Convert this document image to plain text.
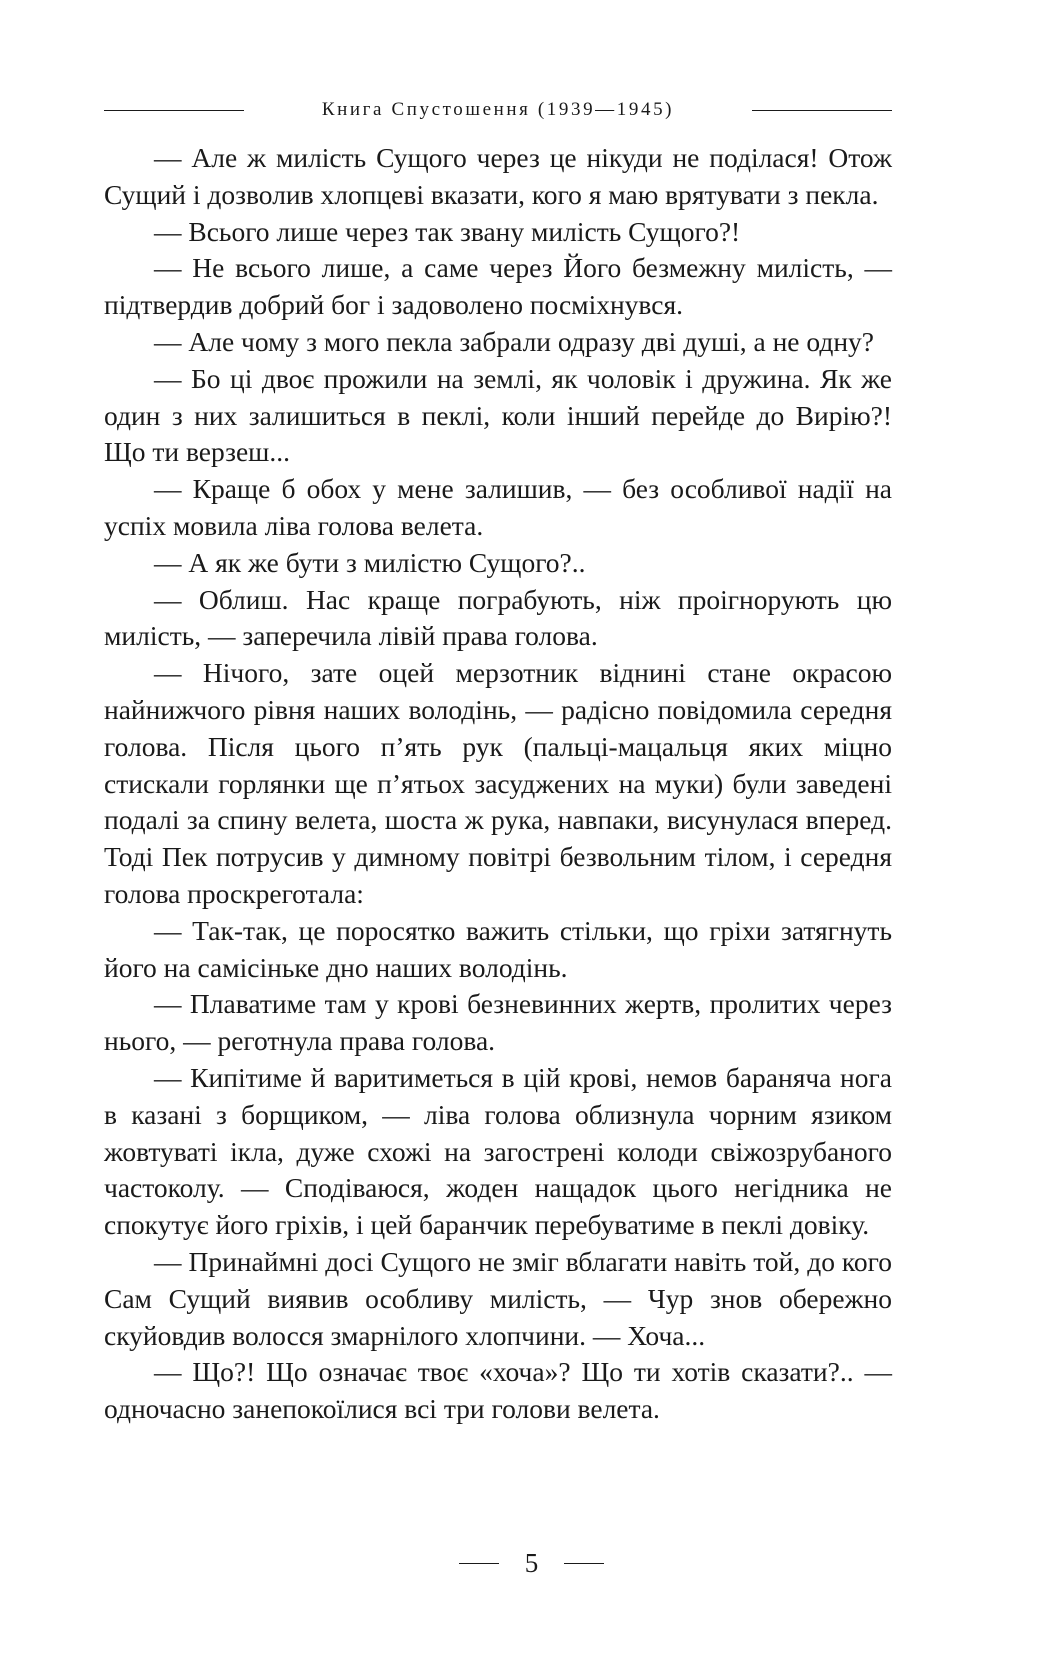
Книга Спустошення (1939—1945)

— Але ж милість Сущого через це нікуди не поділася! Отож Сущий і дозволив хлопцеві вказати, кого я маю врятувати з пекла.

— Всього лише через так звану милість Сущого?!

— Не всього лише, а саме через Його безмежну милість, — підтвердив добрий бог і задоволено посміхнувся.

— Але чому з мого пекла забрали одразу дві душі, а не одну?

— Бо ці двоє прожили на землі, як чоловік і дружина. Як же один з них залишиться в пеклі, коли інший перейде до Вирію?! Що ти верзеш...

— Краще б обох у мене залишив, — без особливої надії на успіх мовила ліва голова велета.

— А як же бути з милістю Сущого?..

— Облиш. Нас краще пограбують, ніж проігнорують цю милість, — заперечила лівій права голова.

— Нічого, зате оцей мерзотник віднині стане окрасою найнижчого рівня наших володінь, — радісно повідомила середня голова. Після цього п’ять рук (пальці-мацальця яких міцно стискали горлянки ще п’ятьох засуджених на муки) були заведені подалі за спину велета, шоста ж рука, навпаки, висунулася вперед. Тоді Пек потрусив у димному повітрі безвольним тілом, і середня голова проскреготала:

— Так-так, це поросятко важить стільки, що гріхи затягнуть його на самісіньке дно наших володінь.

— Плаватиме там у крові безневинних жертв, пролитих через нього, — реготнула права голова.

— Кипітиме й варитиметься в цій крові, немов баранячa нога в казані з борщиком, — ліва голова облизнула чорним язиком жовтуваті ікла, дуже схожі на загострені колоди свіжозрубаного частоколу. — Сподіваюся, жоден нащадок цього негідника не спокутує його гріхів, і цей баранчик перебуватиме в пеклі довіку.

— Принаймні досі Сущого не зміг вблагати навіть той, до кого Сам Сущий виявив особливу милість, — Чур знов обережно скуйовдив волосся змарнілого хлопчини. — Хоча...

— Що?! Що означає твоє «хоча»? Що ти хотів сказати?.. — одночасно занепокоїлися всі три голови велета.

5
